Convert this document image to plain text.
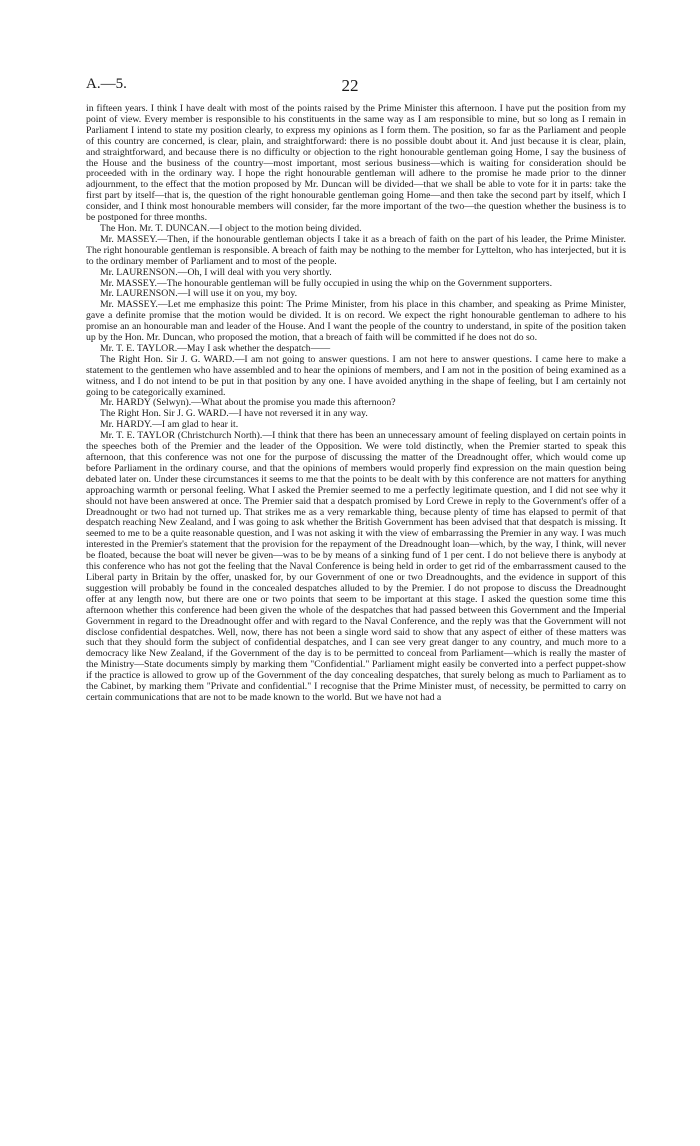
A.—5.	22

in fifteen years. I think I have dealt with most of the points raised by the Prime Minister this afternoon. I have put the position from my point of view. Every member is responsible to his constituents in the same way as I am responsible to mine, but so long as I remain in Parliament I intend to state my position clearly, to express my opinions as I form them. The position, so far as the Parliament and people of this country are concerned, is clear, plain, and straightforward: there is no possible doubt about it. And just because it is clear, plain, and straightforward, and because there is no difficulty or objection to the right honourable gentleman going Home, I say the business of the House and the business of the country—most important, most serious business—which is waiting for consideration should be proceeded with in the ordinary way. I hope the right honourable gentleman will adhere to the promise he made prior to the dinner adjournment, to the effect that the motion proposed by Mr. Duncan will be divided—that we shall be able to vote for it in parts: take the first part by itself—that is, the question of the right honourable gentleman going Home—and then take the second part by itself, which I consider, and I think most honourable members will consider, far the more important of the two—the question whether the business is to be postponed for three months.

The Hon. Mr. T. DUNCAN.—I object to the motion being divided.

Mr. MASSEY.—Then, if the honourable gentleman objects I take it as a breach of faith on the part of his leader, the Prime Minister. The right honourable gentleman is responsible. A breach of faith may be nothing to the member for Lyttelton, who has interjected, but it is to the ordinary member of Parliament and to most of the people.

Mr. LAURENSON.—Oh, I will deal with you very shortly.

Mr. MASSEY.—The honourable gentleman will be fully occupied in using the whip on the Government supporters.

Mr. LAURENSON.—I will use it on you, my boy.

Mr. MASSEY.—Let me emphasize this point: The Prime Minister, from his place in this chamber, and speaking as Prime Minister, gave a definite promise that the motion would be divided. It is on record. We expect the right honourable gentleman to adhere to his promise an an honourable man and leader of the House. And I want the people of the country to understand, in spite of the position taken up by the Hon. Mr. Duncan, who proposed the motion, that a breach of faith will be committed if he does not do so.

Mr. T. E. TAYLOR.—May I ask whether the despatch——

The Right Hon. Sir J. G. WARD.—I am not going to answer questions. I am not here to answer questions. I came here to make a statement to the gentlemen who have assembled and to hear the opinions of members, and I am not in the position of being examined as a witness, and I do not intend to be put in that position by any one. I have avoided anything in the shape of feeling, but I am certainly not going to be categorically examined.

Mr. HARDY (Selwyn).—What about the promise you made this afternoon?

The Right Hon. Sir J. G. WARD.—I have not reversed it in any way.

Mr. HARDY.—I am glad to hear it.

Mr. T. E. TAYLOR (Christchurch North).—I think that there has been an unnecessary amount of feeling displayed on certain points in the speeches both of the Premier and the leader of the Opposition. We were told distinctly, when the Premier started to speak this afternoon, that this conference was not one for the purpose of discussing the matter of the Dreadnought offer, which would come up before Parliament in the ordinary course, and that the opinions of members would properly find expression on the main question being debated later on. Under these circumstances it seems to me that the points to be dealt with by this conference are not matters for anything approaching warmth or personal feeling. What I asked the Premier seemed to me a perfectly legitimate question, and I did not see why it should not have been answered at once. The Premier said that a despatch promised by Lord Crewe in reply to the Government's offer of a Dreadnought or two had not turned up. That strikes me as a very remarkable thing, because plenty of time has elapsed to permit of that despatch reaching New Zealand, and I was going to ask whether the British Government has been advised that that despatch is missing. It seemed to me to be a quite reasonable question, and I was not asking it with the view of embarrassing the Premier in any way. I was much interested in the Premier's statement that the provision for the repayment of the Dreadnought loan—which, by the way, I think, will never be floated, because the boat will never be given—was to be by means of a sinking fund of 1 per cent. I do not believe there is anybody at this conference who has not got the feeling that the Naval Conference is being held in order to get rid of the embarrassment caused to the Liberal party in Britain by the offer, unasked for, by our Government of one or two Dreadnoughts, and the evidence in support of this suggestion will probably be found in the concealed despatches alluded to by the Premier. I do not propose to discuss the Dreadnought offer at any length now, but there are one or two points that seem to be important at this stage. I asked the question some time this afternoon whether this conference had been given the whole of the despatches that had passed between this Government and the Imperial Government in regard to the Dreadnought offer and with regard to the Naval Conference, and the reply was that the Government will not disclose confidential despatches. Well, now, there has not been a single word said to show that any aspect of either of these matters was such that they should form the subject of confidential despatches, and I can see very great danger to any country, and much more to a democracy like New Zealand, if the Government of the day is to be permitted to conceal from Parliament—which is really the master of the Ministry—State documents simply by marking them "Confidential." Parliament might easily be converted into a perfect puppet-show if the practice is allowed to grow up of the Government of the day concealing despatches, that surely belong as much to Parliament as to the Cabinet, by marking them "Private and confidential." I recognise that the Prime Minister must, of necessity, be permitted to carry on certain communications that are not to be made known to the world. But we have not had a
